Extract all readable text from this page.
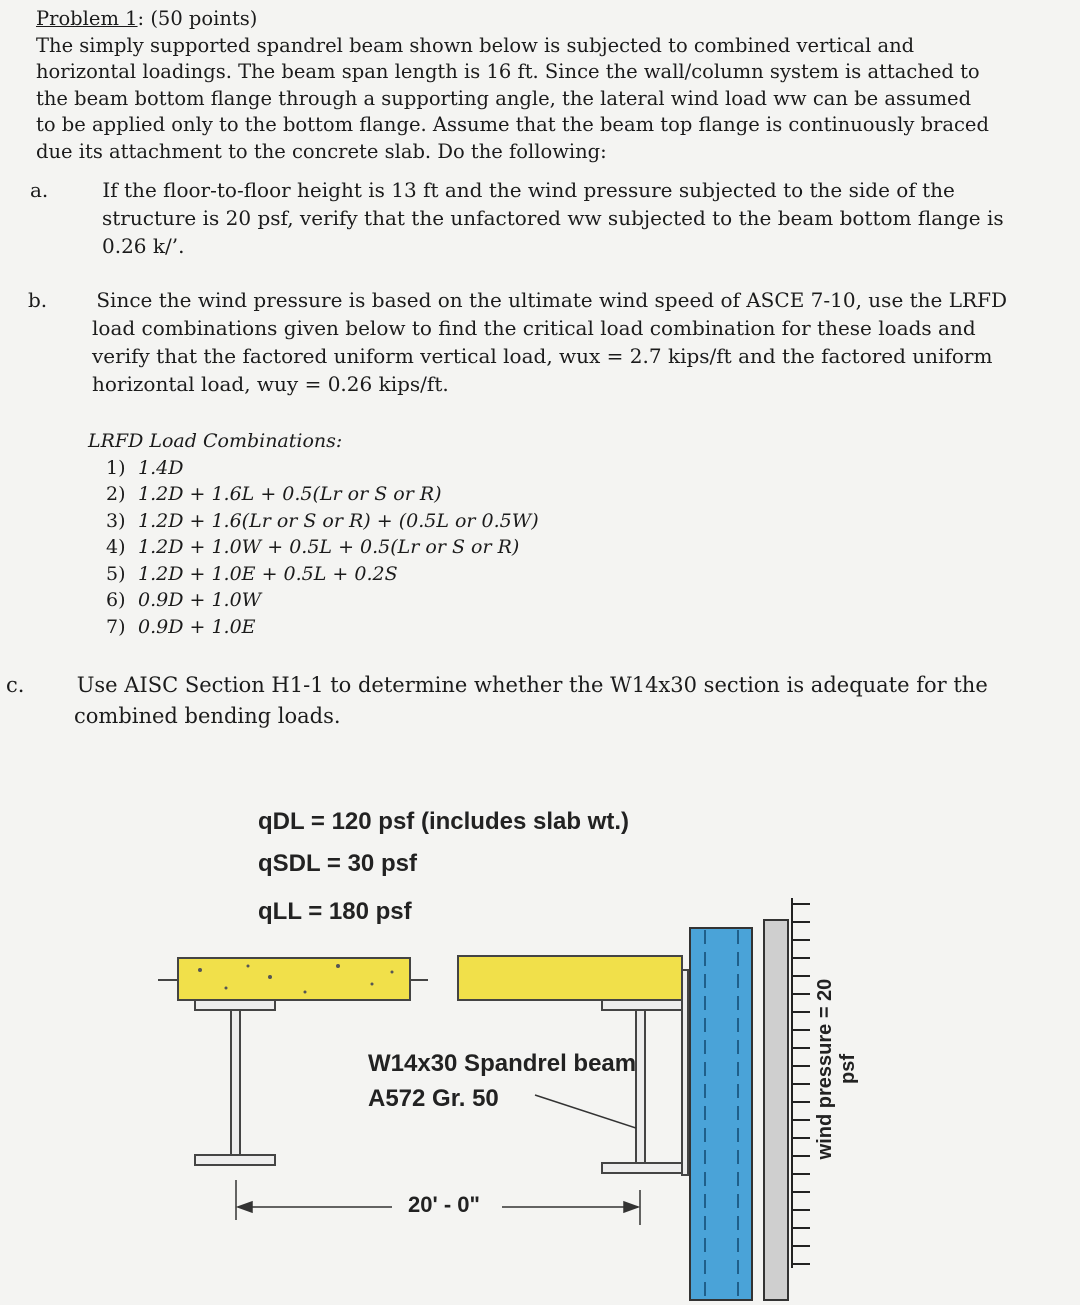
Problem 1: (50 points)
The simply supported spandrel beam shown below is subjected to combined vertical and horizontal loadings. The beam span length is 16 ft. Since the wall/column system is attached to the beam bottom flange through a supporting angle, the lateral wind load ww can be assumed to be applied only to the bottom flange. Assume that the beam top flange is continuously braced due its attachment to the concrete slab. Do the following:
a.	If the floor-to-floor height is 13 ft and the wind pressure subjected to the side of the structure is 20 psf, verify that the unfactored ww subjected to the beam bottom flange is 0.26 k/’.
b. Since the wind pressure is based on the ultimate wind speed of ASCE 7-10, use the LRFD load combinations given below to find the critical load combination for these loads and verify that the factored uniform vertical load, wux = 2.7 kips/ft and the factored uniform horizontal load, wuy = 0.26 kips/ft.
LRFD Load Combinations:
1) 1.4D
2) 1.2D + 1.6L + 0.5(Lr or S or R)
3) 1.2D + 1.6(Lr or S or R) + (0.5L or 0.5W)
4) 1.2D + 1.0W + 0.5L + 0.5(Lr or S or R)
5) 1.2D + 1.0E + 0.5L + 0.2S
6) 0.9D + 1.0W
7) 0.9D + 1.0E
c. Use AISC Section H1-1 to determine whether the W14x30 section is adequate for the combined bending loads.
qDL = 120 psf (includes slab wt.)
qSDL = 30 psf
qLL = 180 psf
W14x30 Spandrel beam
A572 Gr. 50
20' - 0"
wind pressure = 20 psf
